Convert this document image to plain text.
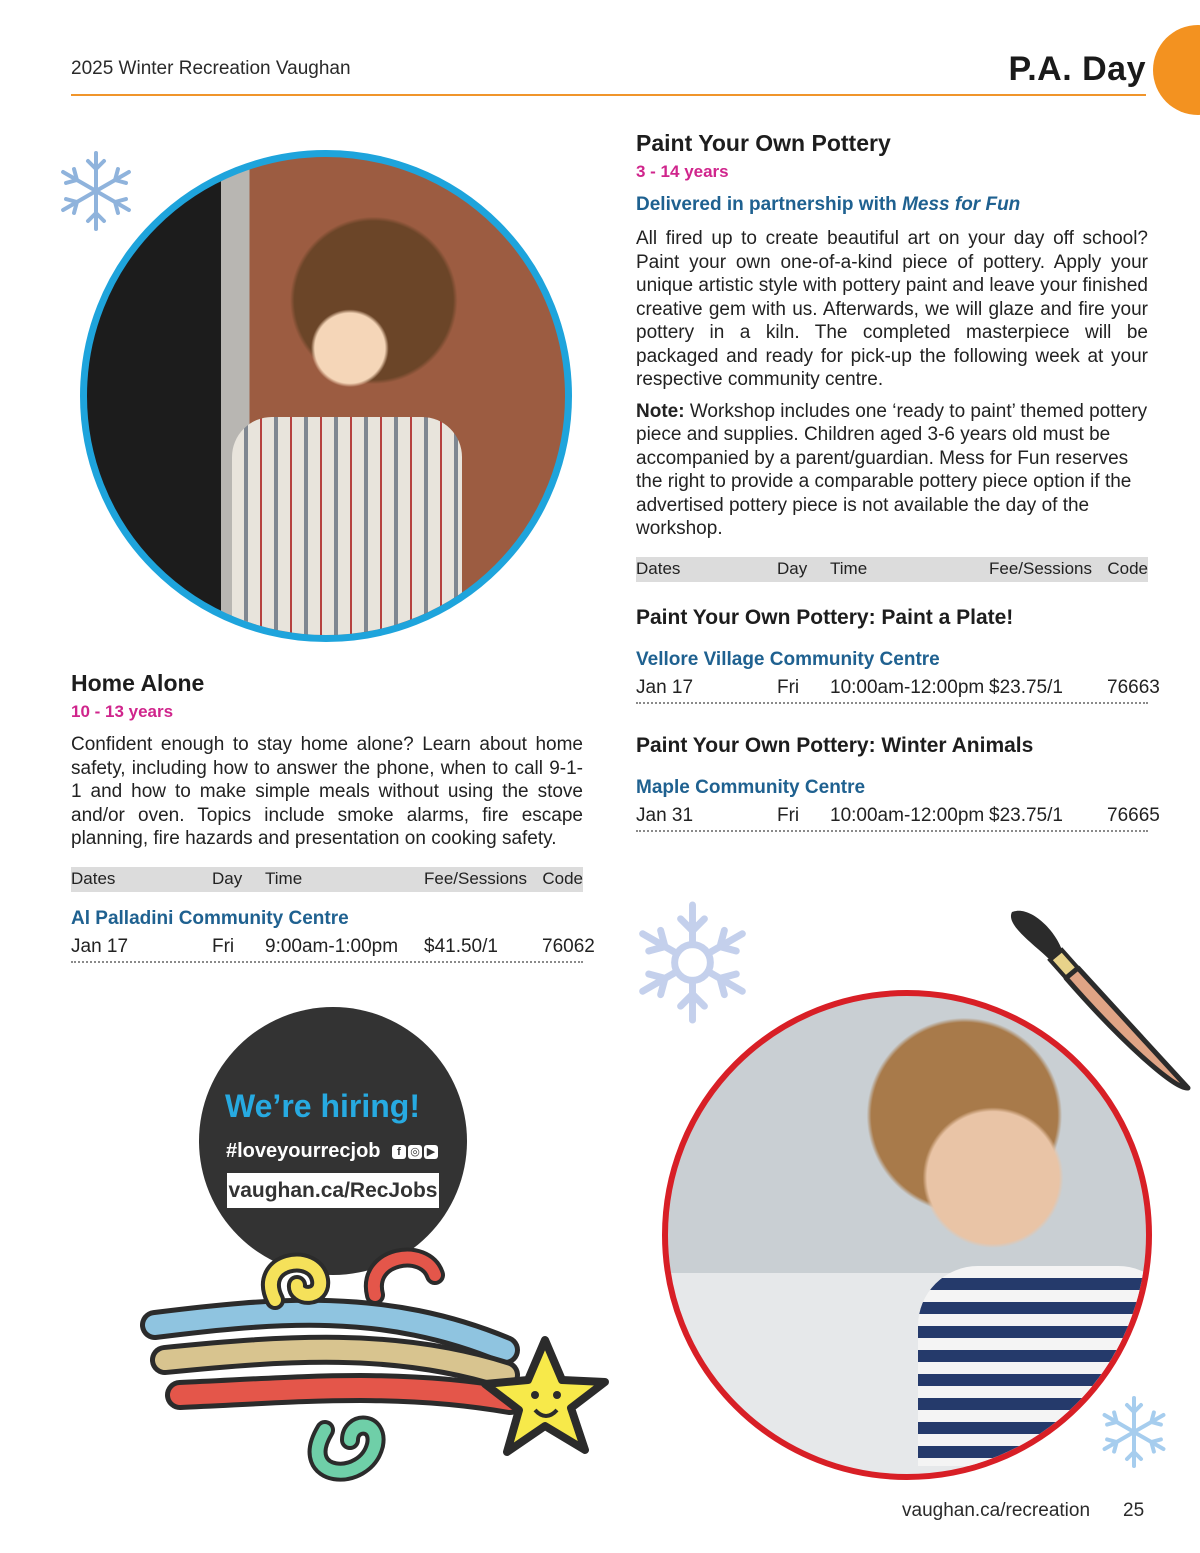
2025 Winter Recreation Vaughan	P.A. Day
Paint Your Own Pottery
3 - 14 years
Delivered in partnership with Mess for Fun
All fired up to create beautiful art on your day off school? Paint your own one-of-a-kind piece of pottery. Apply your unique artistic style with pottery paint and leave your finished creative gem with us. Afterwards, we will glaze and fire your pottery in a kiln. The completed masterpiece will be packaged and ready for pick-up the following week at your respective community centre.
Note: Workshop includes one ‘ready to paint’ themed pottery piece and supplies. Children aged 3-6 years old must be accompanied by a parent/guardian. Mess for Fun reserves the right to provide a comparable pottery piece option if the advertised pottery piece is not available the day of the workshop.
Dates	Day	Time	Fee/Sessions Code
Paint Your Own Pottery: Paint a Plate!
Vellore Village Community Centre
Jan 17	Fri	10:00am-12:00pm $23.75/1	76663
Paint Your Own Pottery: Winter Animals
Maple Community Centre
Jan 31	Fri	10:00am-12:00pm $23.75/1	76665
Home Alone
10 - 13 years
Confident enough to stay home alone? Learn about home safety, including how to answer the phone, when to call 9-1-1 and how to make simple meals without using the stove and/or oven. Topics include smoke alarms, fire escape planning, fire hazards and presentation on cooking safety.
Dates	Day	Time	Fee/Sessions Code
Al Palladini Community Centre
Jan 17	Fri	9:00am-1:00pm	$41.50/1	76062
We’re hiring!
#loveyourrecjob	f ◎ ▶
vaughan.ca/RecJobs
vaughan.ca/recreation 25
